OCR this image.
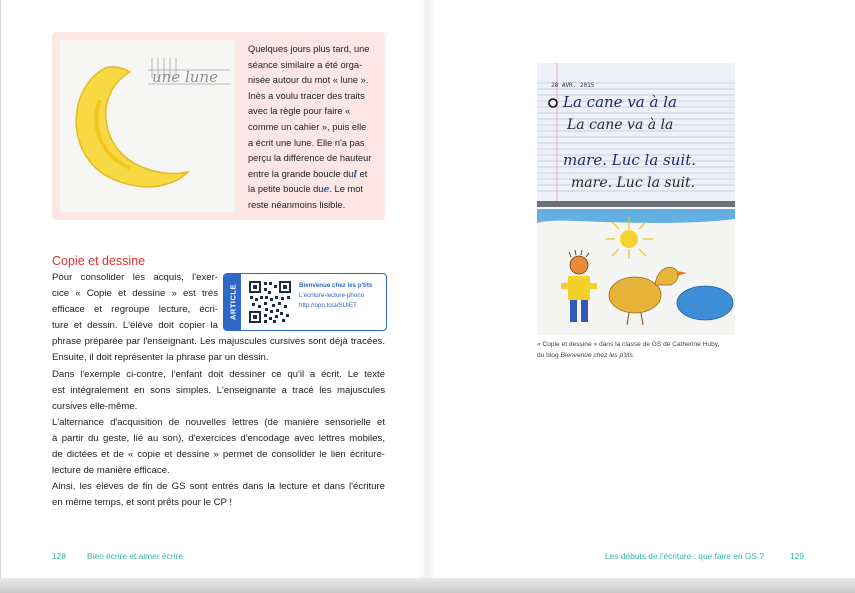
une lune
Quelques jours plus tard, une
séance similaire a été orga-
nisée autour du mot « lune ».
Inès a voulu tracer des traits
avec la règle pour faire «
comme un cahier », puis elle
a écrit une lune. Elle n'a pas
perçu la différence de hauteur
entre la grande boucle dul et
la petite boucle due. Le mot
reste néanmoins lisible.
Copie et dessine

Pour consolider les acquis, l'exer-

cice « Copie et dessine » est très

efficace et regroupe lecture, écri-

ture et dessin. L'élève doit copier la

phrase préparée par l'enseignant. Les majuscules cursives sont déjà tracées.

Ensuite, il doit représenter la phrase par un dessin.

Dans l'exemple ci-contre, l'enfant doit dessiner ce qu'il a écrit. Le texte

est intégralement en sons simples. L'enseignante a tracé les majuscules

cursives elle-même.

L'alternance d'acquisition de nouvelles lettres (de manière sensorielle et

à partir du geste, lié au son), d'exercices d'encodage avec lettres mobiles,

de dictées et de « copie et dessine » permet de consolider le lien écriture-

lecture de manière efficace.

Ainsi, les élèves de fin de GS sont entrés dans la lecture et dans l'écriture

en même temps, et sont prêts pour le CP !

ARTICLE	Bienvenue chez les p'tits
L'écriture-lecture-phono
http://opn.to/a/SUIET
128	Bien écrire et aimer écrire
28 AVR. 2015
La cane va à la
La cane va à la
mare. Luc la suit.
mare. Luc la suit.
« Copie et dessine » dans la classe de GS de Catherine Huby,
du blog Bienvenue chez les p'tits.
Les débuts de l'écriture : que faire en GS ?	129
